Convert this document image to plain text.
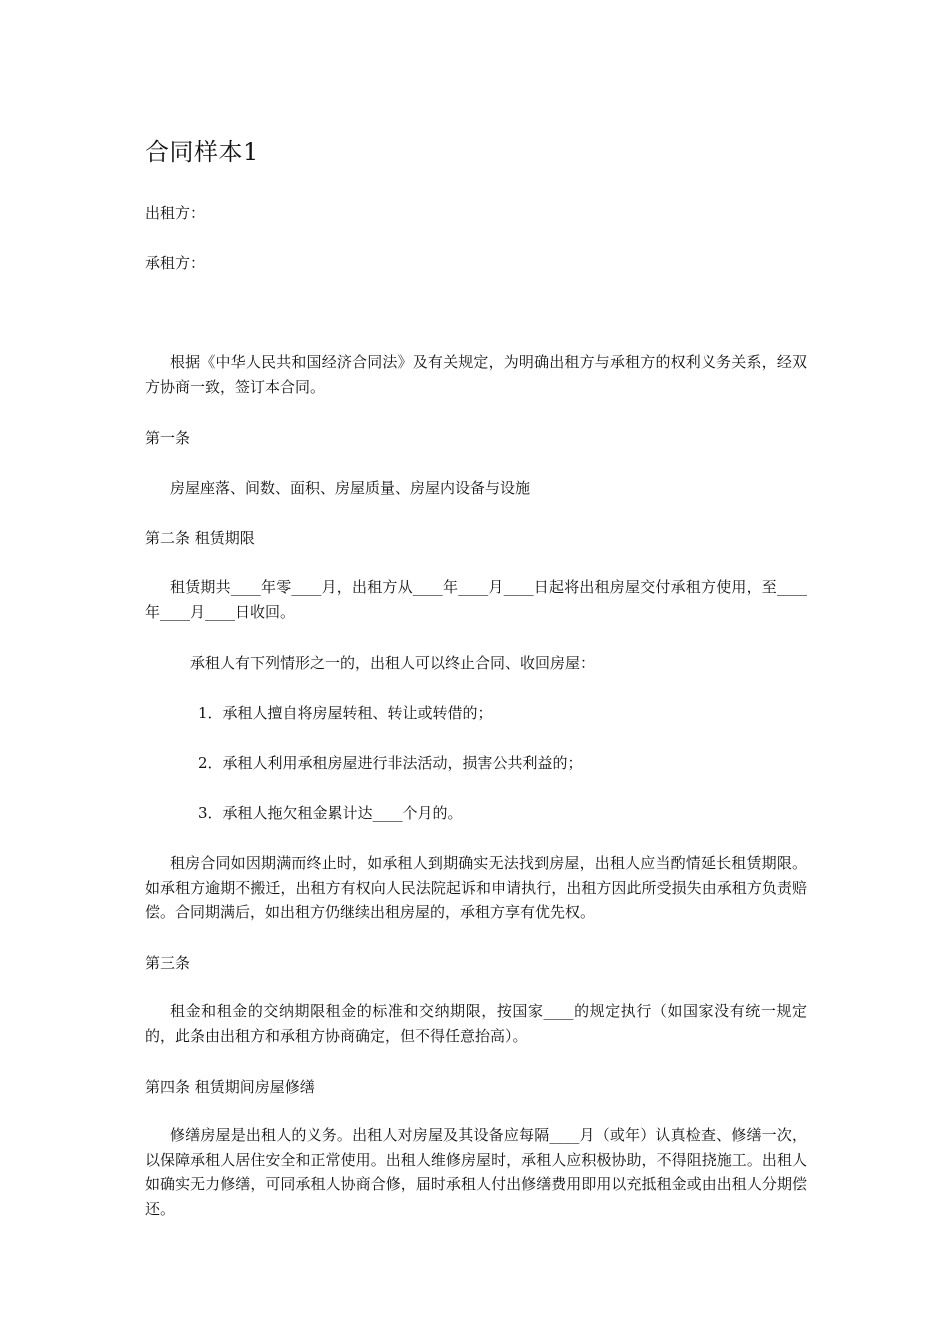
合同样本1
出租方：
承租方：
根据《中华人民共和国经济合同法》及有关规定，为明确出租方与承租方的权利义务关系，经双方协商一致，签订本合同。
第一条
房屋座落、间数、面积、房屋质量、房屋内设备与设施
第二条 租赁期限
租赁期共____年零____月，出租方从____年____月____日起将出租房屋交付承租方使用，至____年____月____日收回。
承租人有下列情形之一的，出租人可以终止合同、收回房屋：
1．承租人擅自将房屋转租、转让或转借的；
2．承租人利用承租房屋进行非法活动，损害公共利益的；
3．承租人拖欠租金累计达____个月的。
租房合同如因期满而终止时，如承租人到期确实无法找到房屋，出租人应当酌情延长租赁期限。如承租方逾期不搬迁，出租方有权向人民法院起诉和申请执行，出租方因此所受损失由承租方负责赔偿。合同期满后，如出租方仍继续出租房屋的，承租方享有优先权。
第三条
租金和租金的交纳期限租金的标准和交纳期限，按国家____的规定执行（如国家没有统一规定的，此条由出租方和承租方协商确定，但不得任意抬高）。
第四条 租赁期间房屋修缮
修缮房屋是出租人的义务。出租人对房屋及其设备应每隔____月（或年）认真检查、修缮一次，以保障承租人居住安全和正常使用。出租人维修房屋时，承租人应积极协助，不得阻挠施工。出租人如确实无力修缮，可同承租人协商合修，届时承租人付出修缮费用即用以充抵租金或由出租人分期偿还。
